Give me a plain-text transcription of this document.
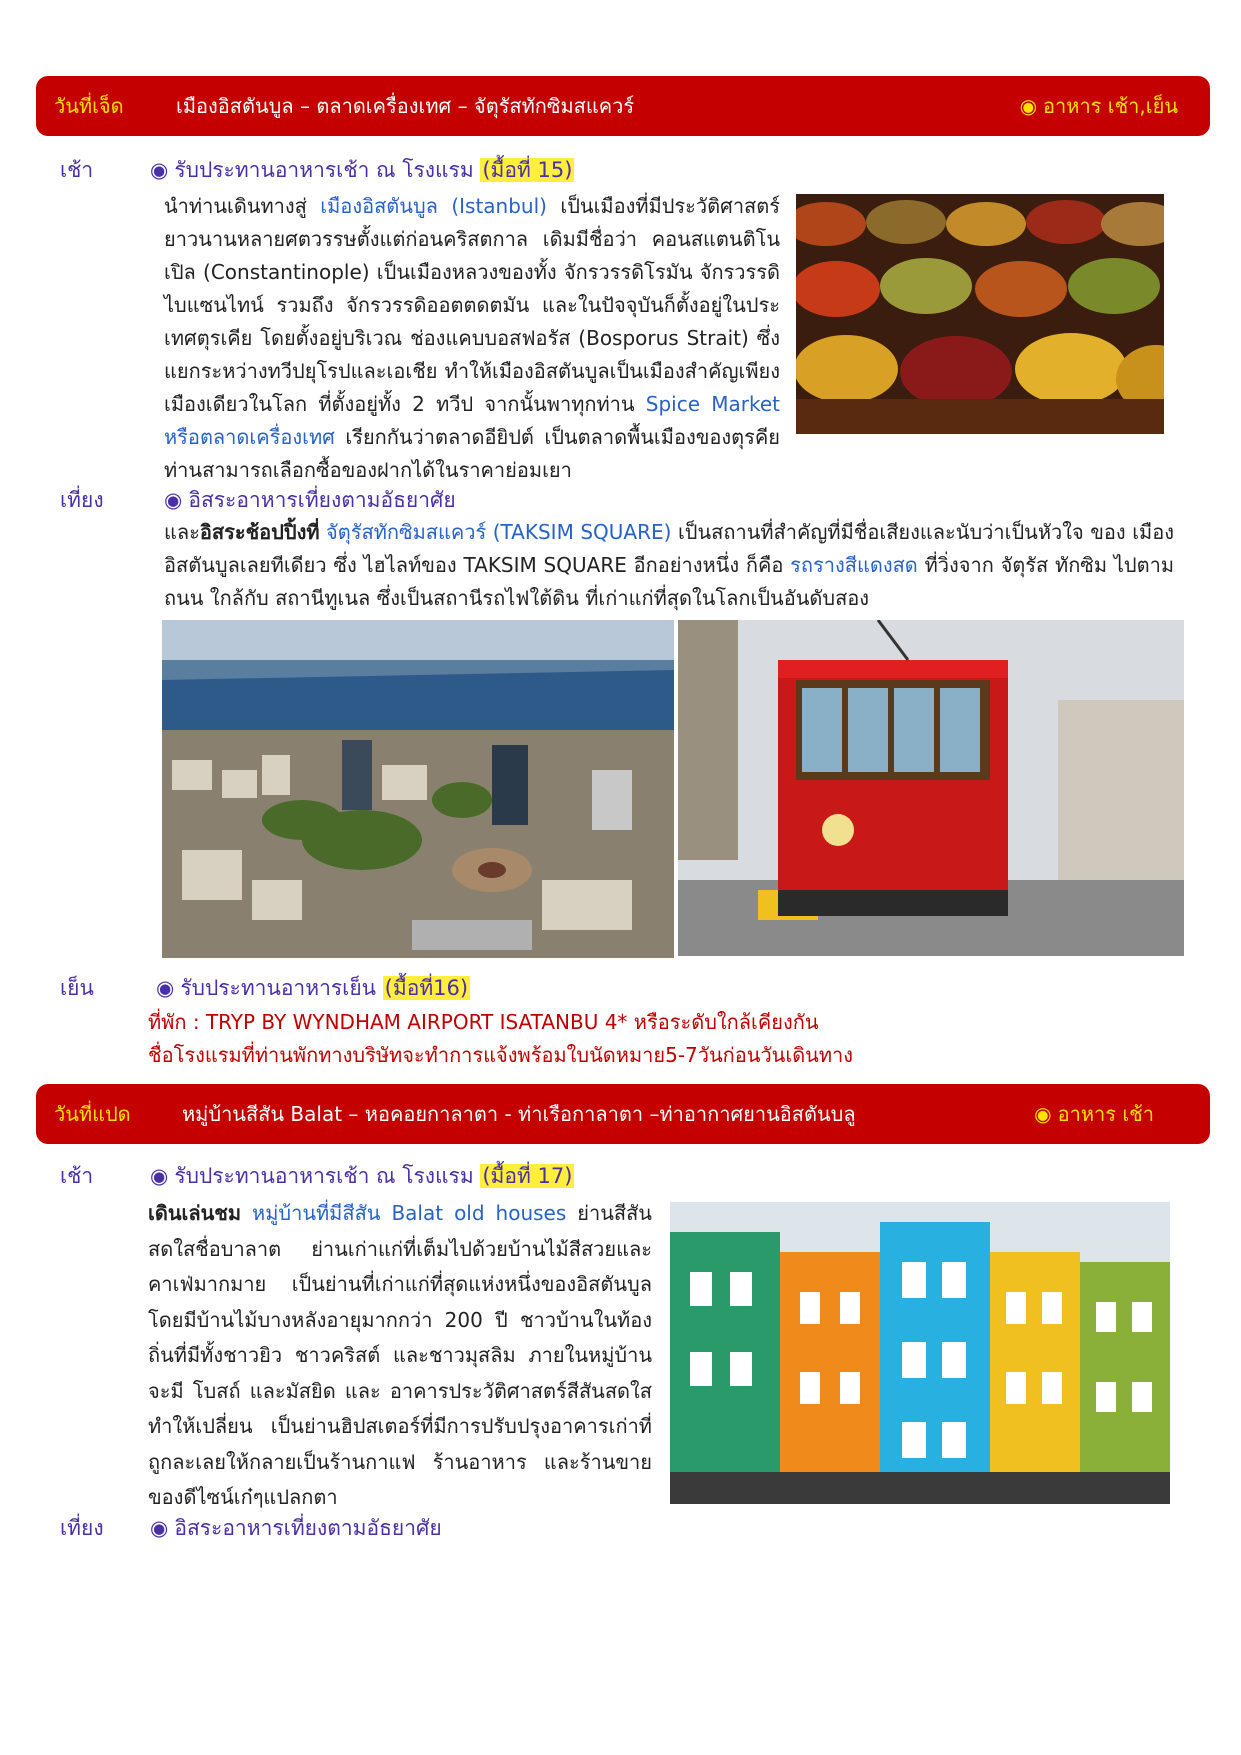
วันที่เจ็ด	เมืองอิสตันบูล – ตลาดเครื่องเทศ – จัตุรัสทักซิมสแควร์	◉ อาหาร เช้า,เย็น
เช้า	◉ รับประทานอาหารเช้า ณ โรงแรม (มื้อที่ 15)
นำท่านเดินทางสู่ เมืองอิสตันบูล (Istanbul) เป็นเมืองที่มีประวัติศาสตร์ยาวนานหลายศตวรรษตั้งแต่ก่อนคริสตกาล เดิมมีชื่อว่า คอนสแตนติโนเปิล (Constantinople) เป็นเมืองหลวงของทั้ง จักรวรรดิโรมัน จักรวรรดิไบแซนไทน์ รวมถึง จักรวรรดิออตตดตมัน และในปัจจุบันก็ตั้งอยู่ในประเทศตุรเคีย โดยตั้งอยู่บริเวณ ช่องแคบบอสฟอรัส (Bosporus Strait) ซึ่งแยกระหว่างทวีปยุโรปและเอเชีย ทำให้เมืองอิสตันบูลเป็นเมืองสำคัญเพียงเมืองเดียวในโลก ที่ตั้งอยู่ทั้ง 2 ทวีป จากนั้นพาทุกท่าน Spice Market หรือตลาดเครื่องเทศ เรียกกันว่าตลาดอียิปต์ เป็นตลาดพื้นเมืองของตุรคีย ท่านสามารถเลือกซื้อของฝากได้ในราคาย่อมเยา
เที่ยง	◉ อิสระอาหารเที่ยงตามอัธยาศัย
และอิสระช้อปปิ้งที่ จัตุรัสทักซิมสแควร์ (TAKSIM SQUARE) เป็นสถานที่สำคัญที่มีชื่อเสียงและนับว่าเป็นหัวใจ ของ เมืองอิสตันบูลเลยทีเดียว ซึ่ง ไฮไลท์ของ TAKSIM SQUARE อีกอย่างหนึ่ง ก็คือ รถรางสีแดงสด ที่วิ่งจาก จัตุรัส ทักซิม ไปตามถนน ใกล้กับ สถานีทูเนล ซึ่งเป็นสถานีรถไฟใต้ดิน ที่เก่าแก่ที่สุดในโลกเป็นอันดับสอง
เย็น	◉ รับประทานอาหารเย็น (มื้อที่16)
ที่พัก : TRYP BY WYNDHAM AIRPORT ISATANBU 4* หรือระดับใกล้เคียงกัน
ชื่อโรงแรมที่ท่านพักทางบริษัทจะทำการแจ้งพร้อมใบนัดหมาย5-7วันก่อนวันเดินทาง
วันที่แปด	หมู่บ้านสีสัน Balat – หอคอยกาลาตา - ท่าเรือกาลาตา –ท่าอากาศยานอิสตันบลู	◉ อาหาร เช้า
เช้า	◉ รับประทานอาหารเช้า ณ โรงแรม (มื้อที่ 17)
เดินเล่นชม หมู่บ้านที่มีสีสัน Balat old houses ย่านสีสันสดใสชื่อบาลาต ย่านเก่าแก่ที่เต็มไปด้วยบ้านไม้สีสวยและคาเฟ่มากมาย เป็นย่านที่เก่าแก่ที่สุดแห่งหนึ่งของอิสตันบูล โดยมีบ้านไม้บางหลังอายุมากกว่า 200 ปี ชาวบ้านในท้องถิ่นที่มีทั้งชาวยิว ชาวคริสต์ และชาวมุสลิม ภายในหมู่บ้านจะมี โบสถ์ และมัสยิด และ อาคารประวัติศาสตร์สีสันสดใส ทำให้เปลี่ยน เป็นย่านฮิปสเตอร์ที่มีการปรับปรุงอาคารเก่าที่ถูกละเลยให้กลายเป็นร้านกาแฟ ร้านอาหาร และร้านขายของดีไซน์เก๋ๆแปลกตา
เที่ยง ◉ อิสระอาหารเที่ยงตามอัธยาศัย
